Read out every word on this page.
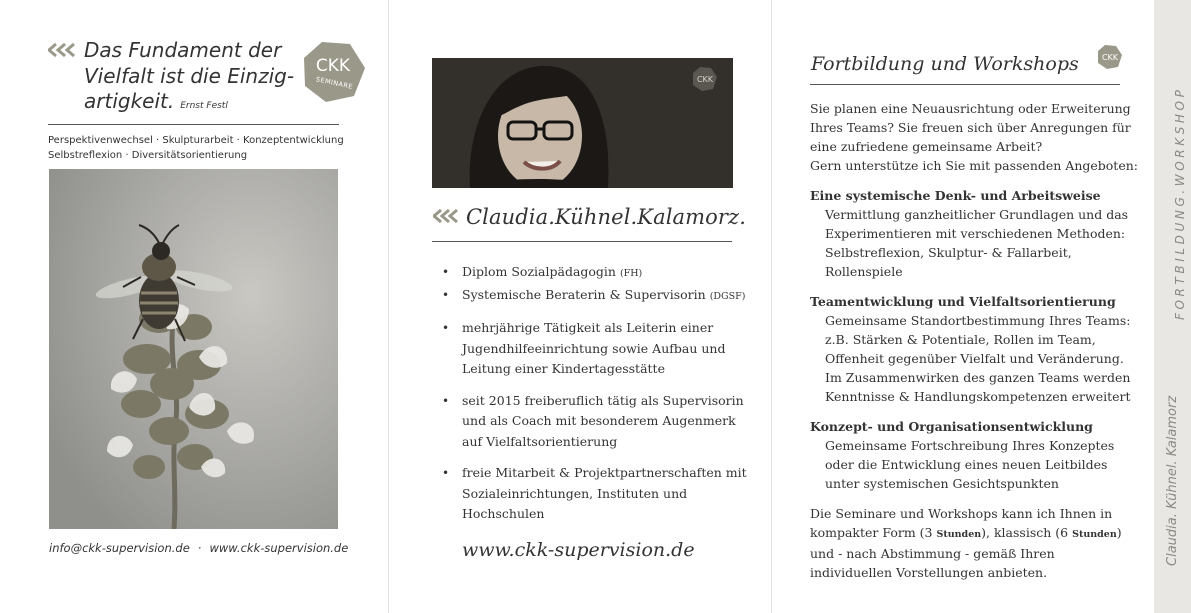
Das Fundament der
Vielfalt ist die Einzig-
artigkeit. Ernst Festl
CKK
SEMINARE
Perspektivenwechsel · Skulpturarbeit · Konzeptentwicklung
Selbstreflexion · Diversitätsorientierung
info@ckk-supervision.de · www.ckk-supervision.de
CKK
Claudia.Kühnel.Kalamorz.
• Diplom Sozialpädagogin (FH)
• Systemische Beraterin & Supervisorin (DGSF)
• mehrjährige Tätigkeit als Leiterin einer Jugendhilfeeinrichtung sowie Aufbau und Leitung einer Kindertagesstätte
• seit 2015 freiberuflich tätig als Supervisorin und als Coach mit besonderem Augenmerk auf Vielfaltsorientierung
• freie Mitarbeit & Projektpartnerschaften mit Sozialeinrichtungen, Instituten und Hochschulen
www.ckk-supervision.de
Fortbildung und Workshops	CKK

Sie planen eine Neuausrichtung oder Erweiterung

Ihres Teams? Sie freuen sich über Anregungen für

eine zufriedene gemeinsame Arbeit?

Gern unterstütze ich Sie mit passenden Angeboten:

Eine systemische Denk- und Arbeitsweise

Vermittlung ganzheitlicher Grundlagen und das

Experimentieren mit verschiedenen Methoden:

Selbstreflexion, Skulptur- & Fallarbeit, Rollenspiele

Teamentwicklung und Vielfaltsorientierung

Gemeinsame Standortbestimmung Ihres Teams:

z.B. Stärken & Potentiale, Rollen im Team,

Offenheit gegenüber Vielfalt und Veränderung.

Im Zusammenwirken des ganzen Teams werden

Kenntnisse & Handlungskompetenzen erweitert

Konzept- und Organisationsentwicklung

Gemeinsame Fortschreibung Ihres Konzeptes

oder die Entwicklung eines neuen Leitbildes

unter systemischen Gesichtspunkten

Die Seminare und Workshops kann ich Ihnen in

kompakter Form (3 Stunden), klassisch (6 Stunden)

und - nach Abstimmung - gemäß Ihren

individuellen Vorstellungen anbieten.

FORTBILDUNG.WORKSHOP
Claudia. Kühnel. Kalamorz
